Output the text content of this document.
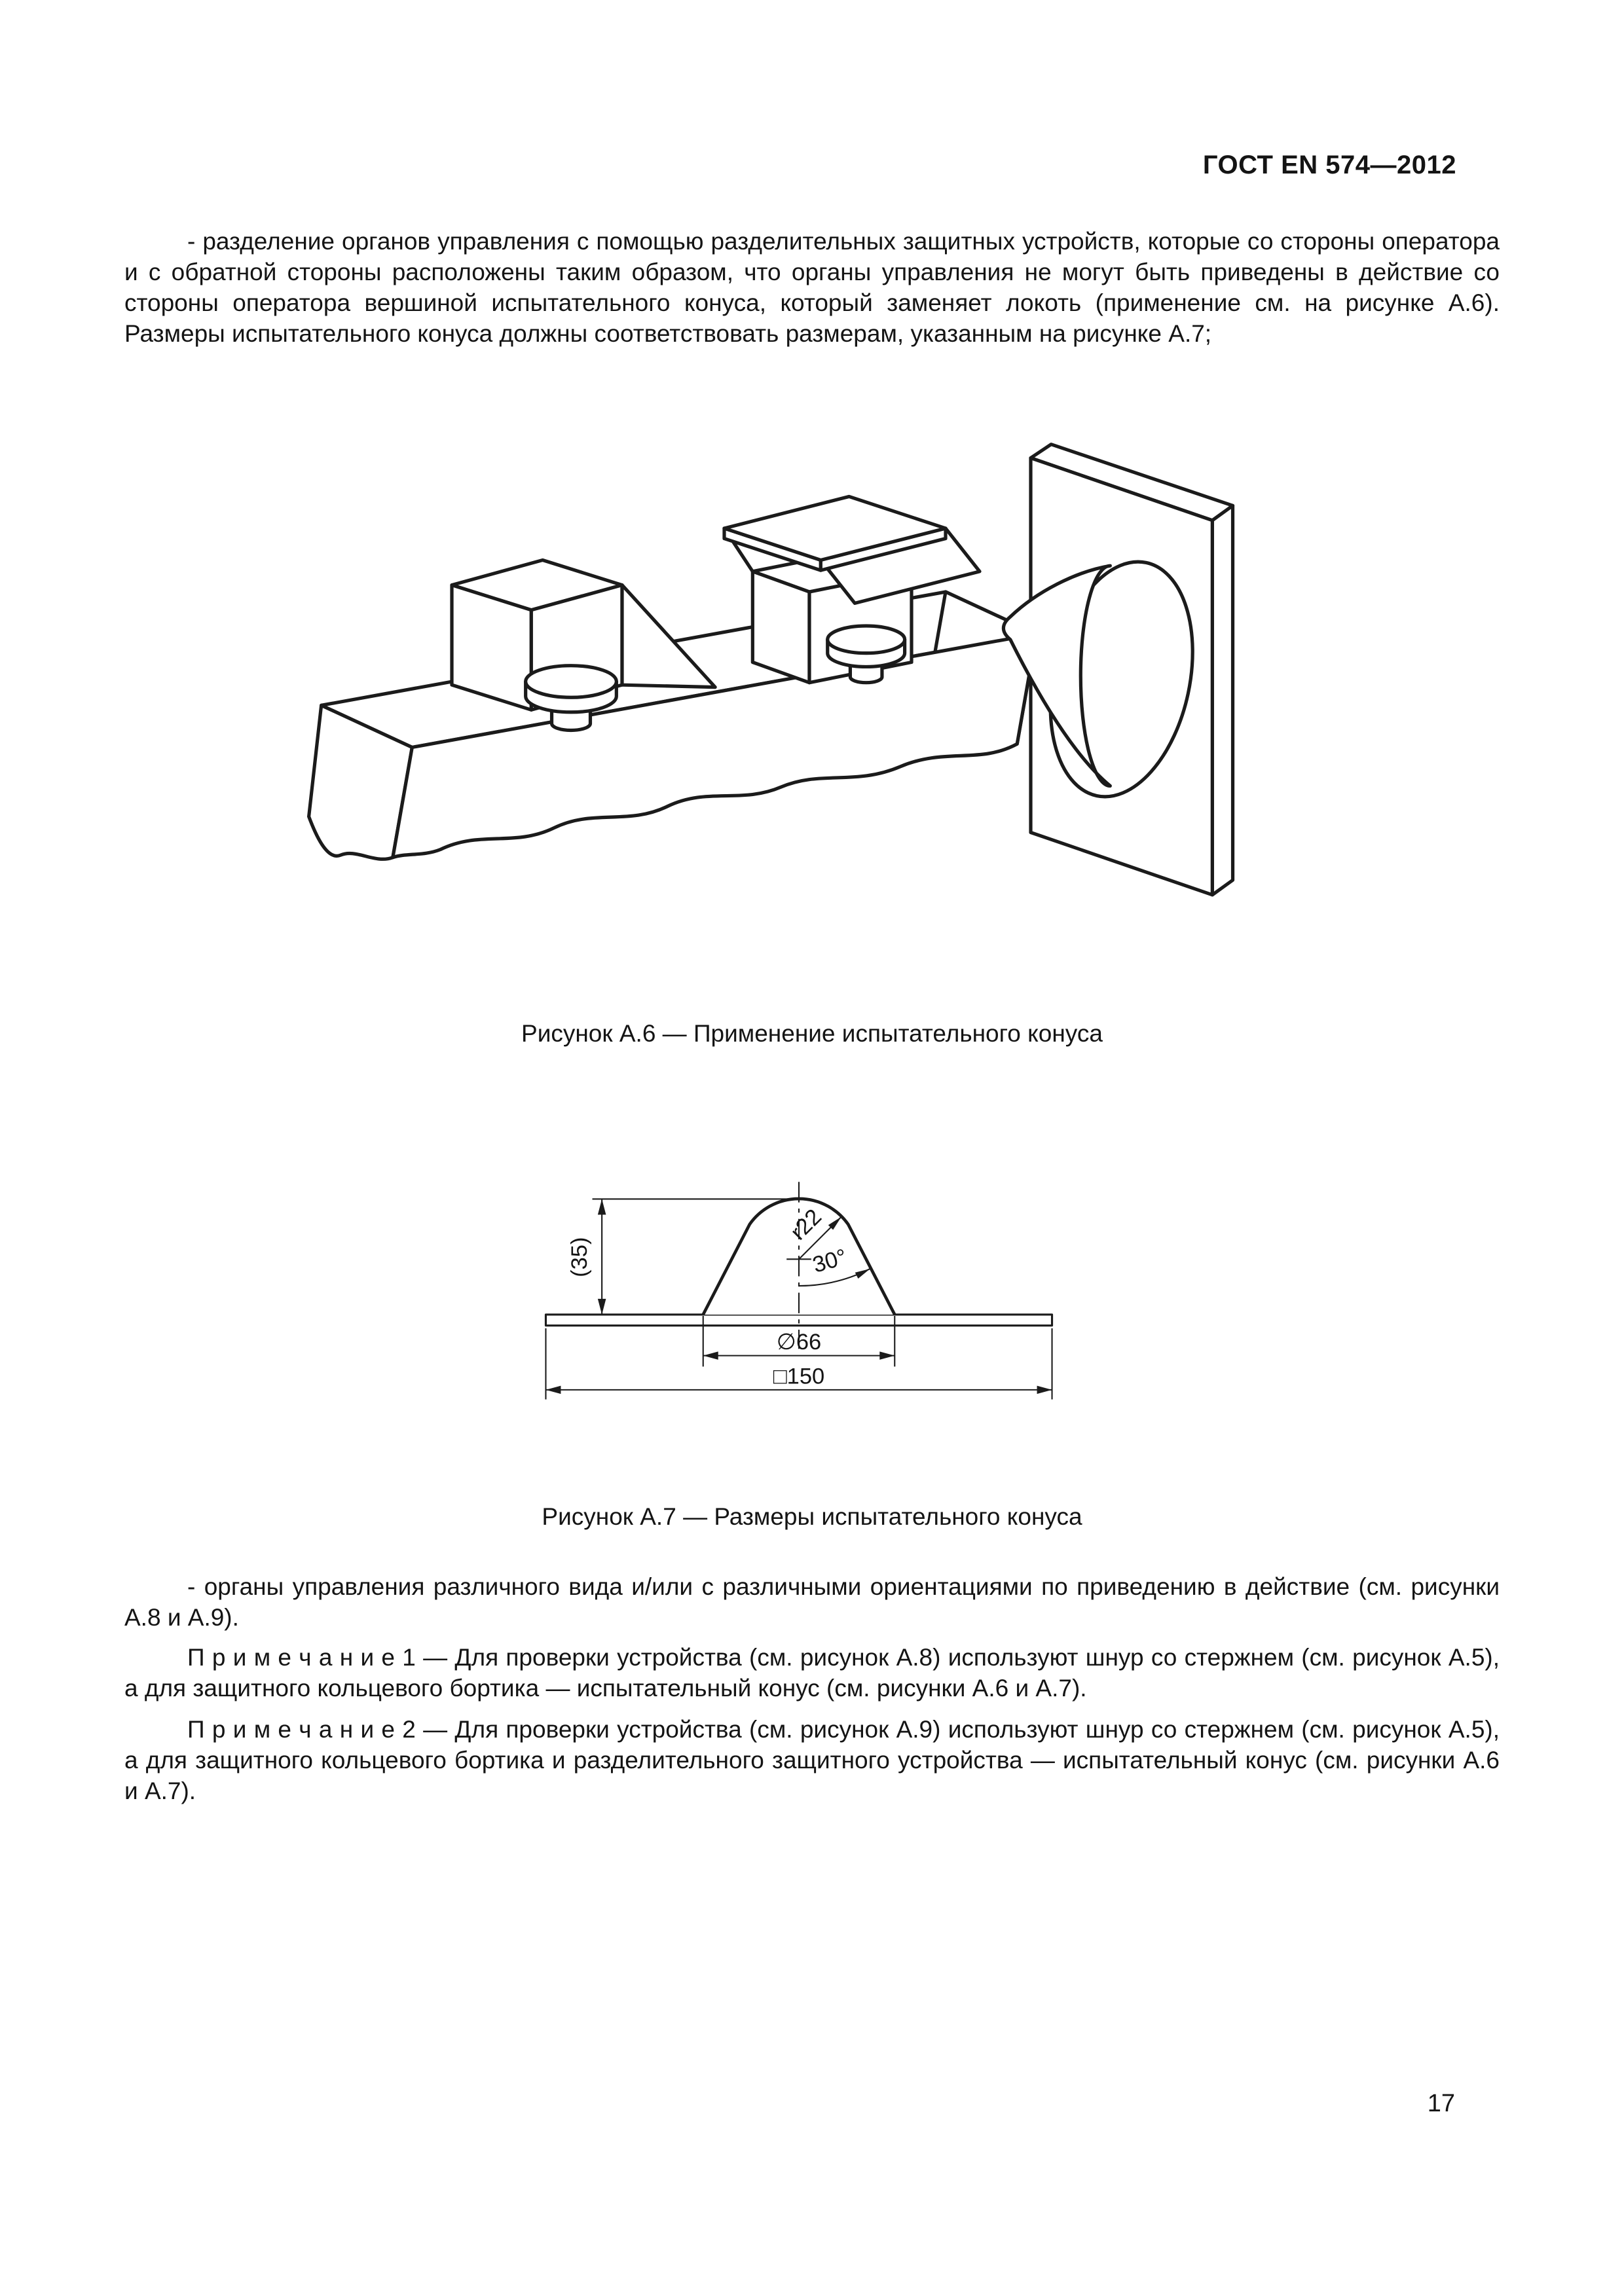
ГОСТ EN 574—2012
- разделение органов управления с помощью разделительных защитных устройств, которые со стороны оператора и с обратной стороны расположены таким образом, что органы управления не могут быть приведены в действие со стороны оператора вершиной испытательного конуса, который заменяет локоть (применение см. на рисунке А.6). Размеры испытательного конуса должны соответствовать размерам, указанным на рисунке А.7;
Рисунок А.6 — Применение испытательного конуса
r22
30°
(35)
∅66
□150
Рисунок А.7 — Размеры испытательного конуса
- органы управления различного вида и/или с различными ориентациями по приведению в действие (см. рисунки А.8 и А.9).
П р и м е ч а н и е 1 — Для проверки устройства (см. рисунок А.8) используют шнур со стержнем (см. рисунок А.5), а для защитного кольцевого бортика — испытательный конус (см. рисунки А.6 и А.7).
П р и м е ч а н и е 2 — Для проверки устройства (см. рисунок А.9) используют шнур со стержнем (см. рисунок А.5), а для защитного кольцевого бортика и разделительного защитного устройства — испытательный конус (см. рисунки А.6 и А.7).
17
